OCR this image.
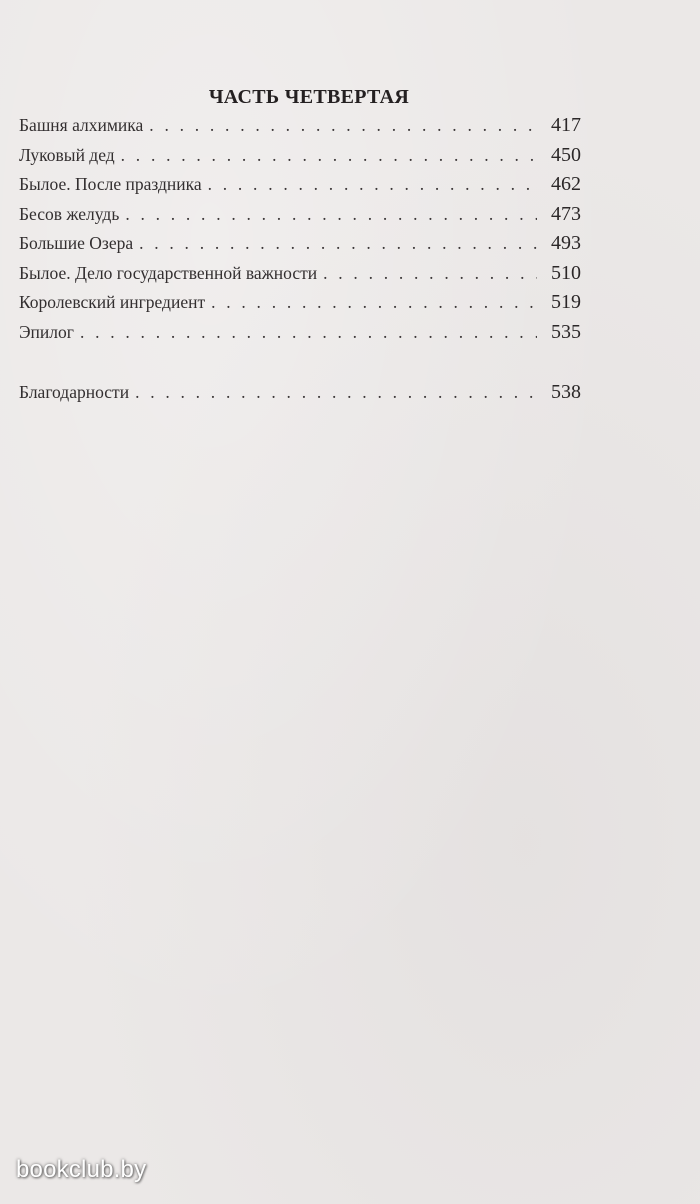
ЧАСТЬ ЧЕТВЕРТАЯ
Башня алхимика . . .	417
Луковый дед . . .	450
Былое. После праздника . . .	462
Бесов желудь . . .	473
Большие Озера . . .	493
Былое. Дело государственной важности . . .	510
Королевский ингредиент . . .	519
Эпилог . . .	535
Благодарности . . .	538
bookclub.by
